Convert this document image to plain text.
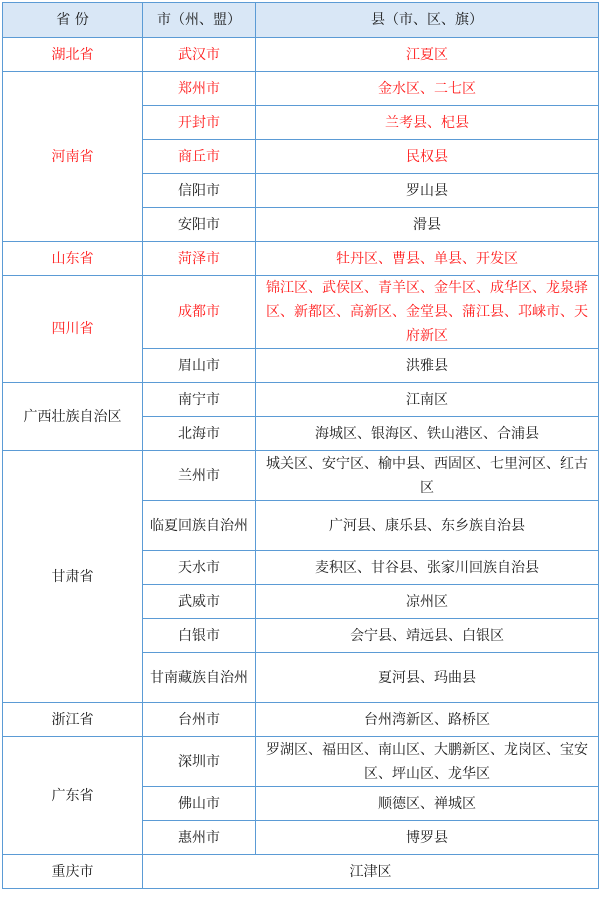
省 份	市（州、盟）	县（市、区、旗）
湖北省	武汉市	江夏区
河南省	郑州市	金水区、二七区
	开封市	兰考县、杞县
	商丘市	民权县
	信阳市	罗山县
	安阳市	滑县
山东省	菏泽市	牡丹区、曹县、单县、开发区
四川省	成都市	锦江区、武侯区、青羊区、金牛区、成华区、龙泉驿区、新都区、高新区、金堂县、蒲江县、邛崃市、天府新区
	眉山市	洪雅县
广西壮族自治区	南宁市	江南区
	北海市	海城区、银海区、铁山港区、合浦县
甘肃省	兰州市	城关区、安宁区、榆中县、西固区、七里河区、红古区
	临夏回族自治州	广河县、康乐县、东乡族自治县
	天水市	麦积区、甘谷县、张家川回族自治县
	武威市	凉州区
	白银市	会宁县、靖远县、白银区
	甘南藏族自治州	夏河县、玛曲县
浙江省	台州市	台州湾新区、路桥区
广东省	深圳市	罗湖区、福田区、南山区、大鹏新区、龙岗区、宝安区、坪山区、龙华区
	佛山市	顺德区、禅城区
	惠州市	博罗县
重庆市	江津区	
